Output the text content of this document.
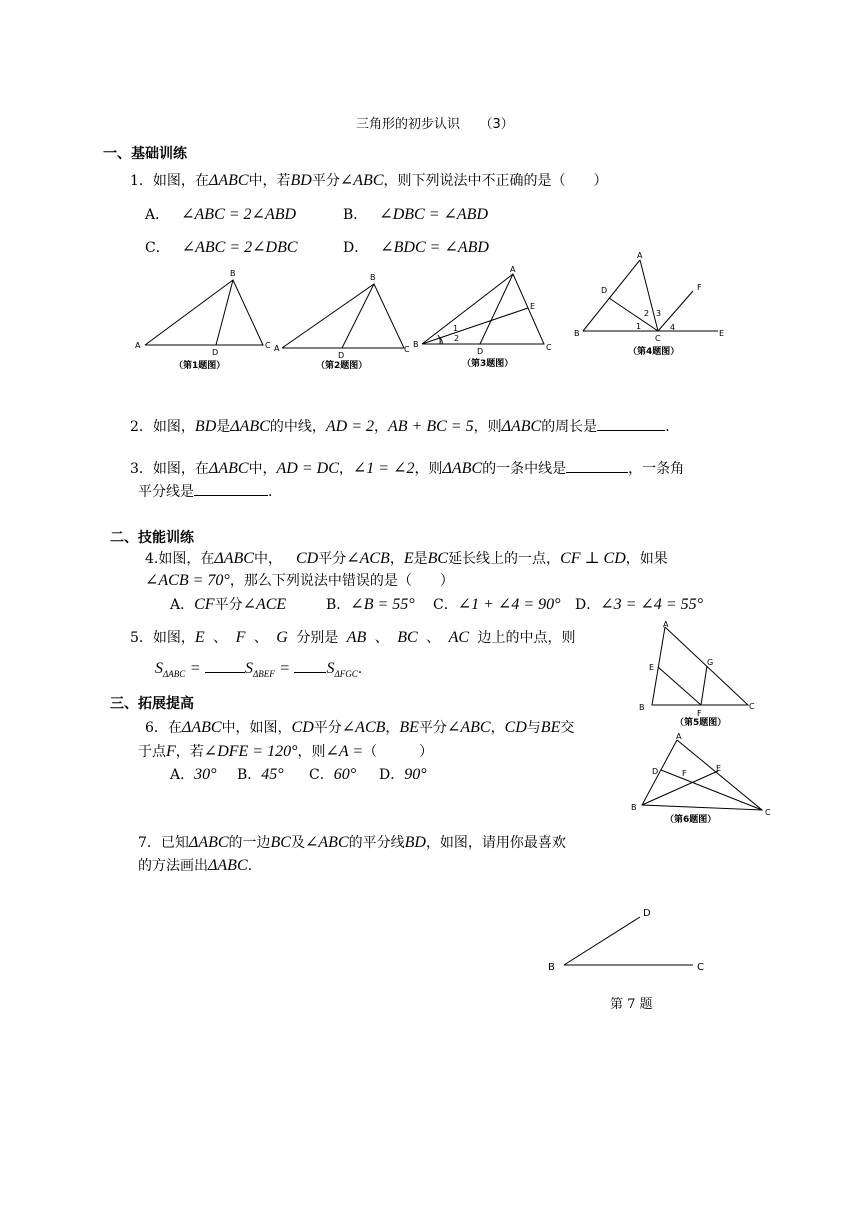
三角形的初步认识　　（3）
一、基础训练
1．如图，在ΔABC中，若BD平分∠ABC，则下列说法中不正确的是（　　）
A． ∠ABC = 2∠ABD	B． ∠DBC = ∠ABD
C． ∠ABC = 2∠DBC	D． ∠BDC = ∠ABD
A
B
C
D
（第1题图）
A
B
C
D
（第2题图）
A
B	C
D
E
1
2
（第3题图）
A
B
C
D
E
F
1
2 3
4
（第4题图）
2．如图，BD是ΔABC的中线，AD = 2，AB + BC = 5，则ΔABC的周长是	.
3．如图，在ΔABC中，AD = DC，∠1 = ∠2，则ΔABC的一条中线是	，一条角
平分线是	.
二、技能训练
4.如图，在ΔABC中， CD平分∠ACB，E是BC延长线上的一点，CF ⊥ CD，如果
∠ACB = 70°，那么下列说法中错误的是（　　）
A．CF平分∠ACE	B．∠B = 55° C．∠1 + ∠4 = 90° D．∠3 = ∠4 = 55°
5．如图，E 、 F 、 G 分别是 AB 、 BC 、 AC 边上的中点，则
$S_{\Delta ABC}$ =	$S_{\Delta BEF} = S_{\Delta FGC}$.
A
B	C
E
F
G
（第5题图）
三、拓展提高
6．在ΔABC中，如图，CD平分∠ACB，BE平分∠ABC，CD与BE交
于点F，若∠DFE = 120°，则∠A =（　　　）
A．30° B．45° C．60° D．90°
A
B
C
D	E
F
（第6题图）
7．已知ΔABC的一边BC及∠ABC的平分线BD，如图，请用你最喜欢
的方法画出ΔABC.
B	C
D
第 7 题
